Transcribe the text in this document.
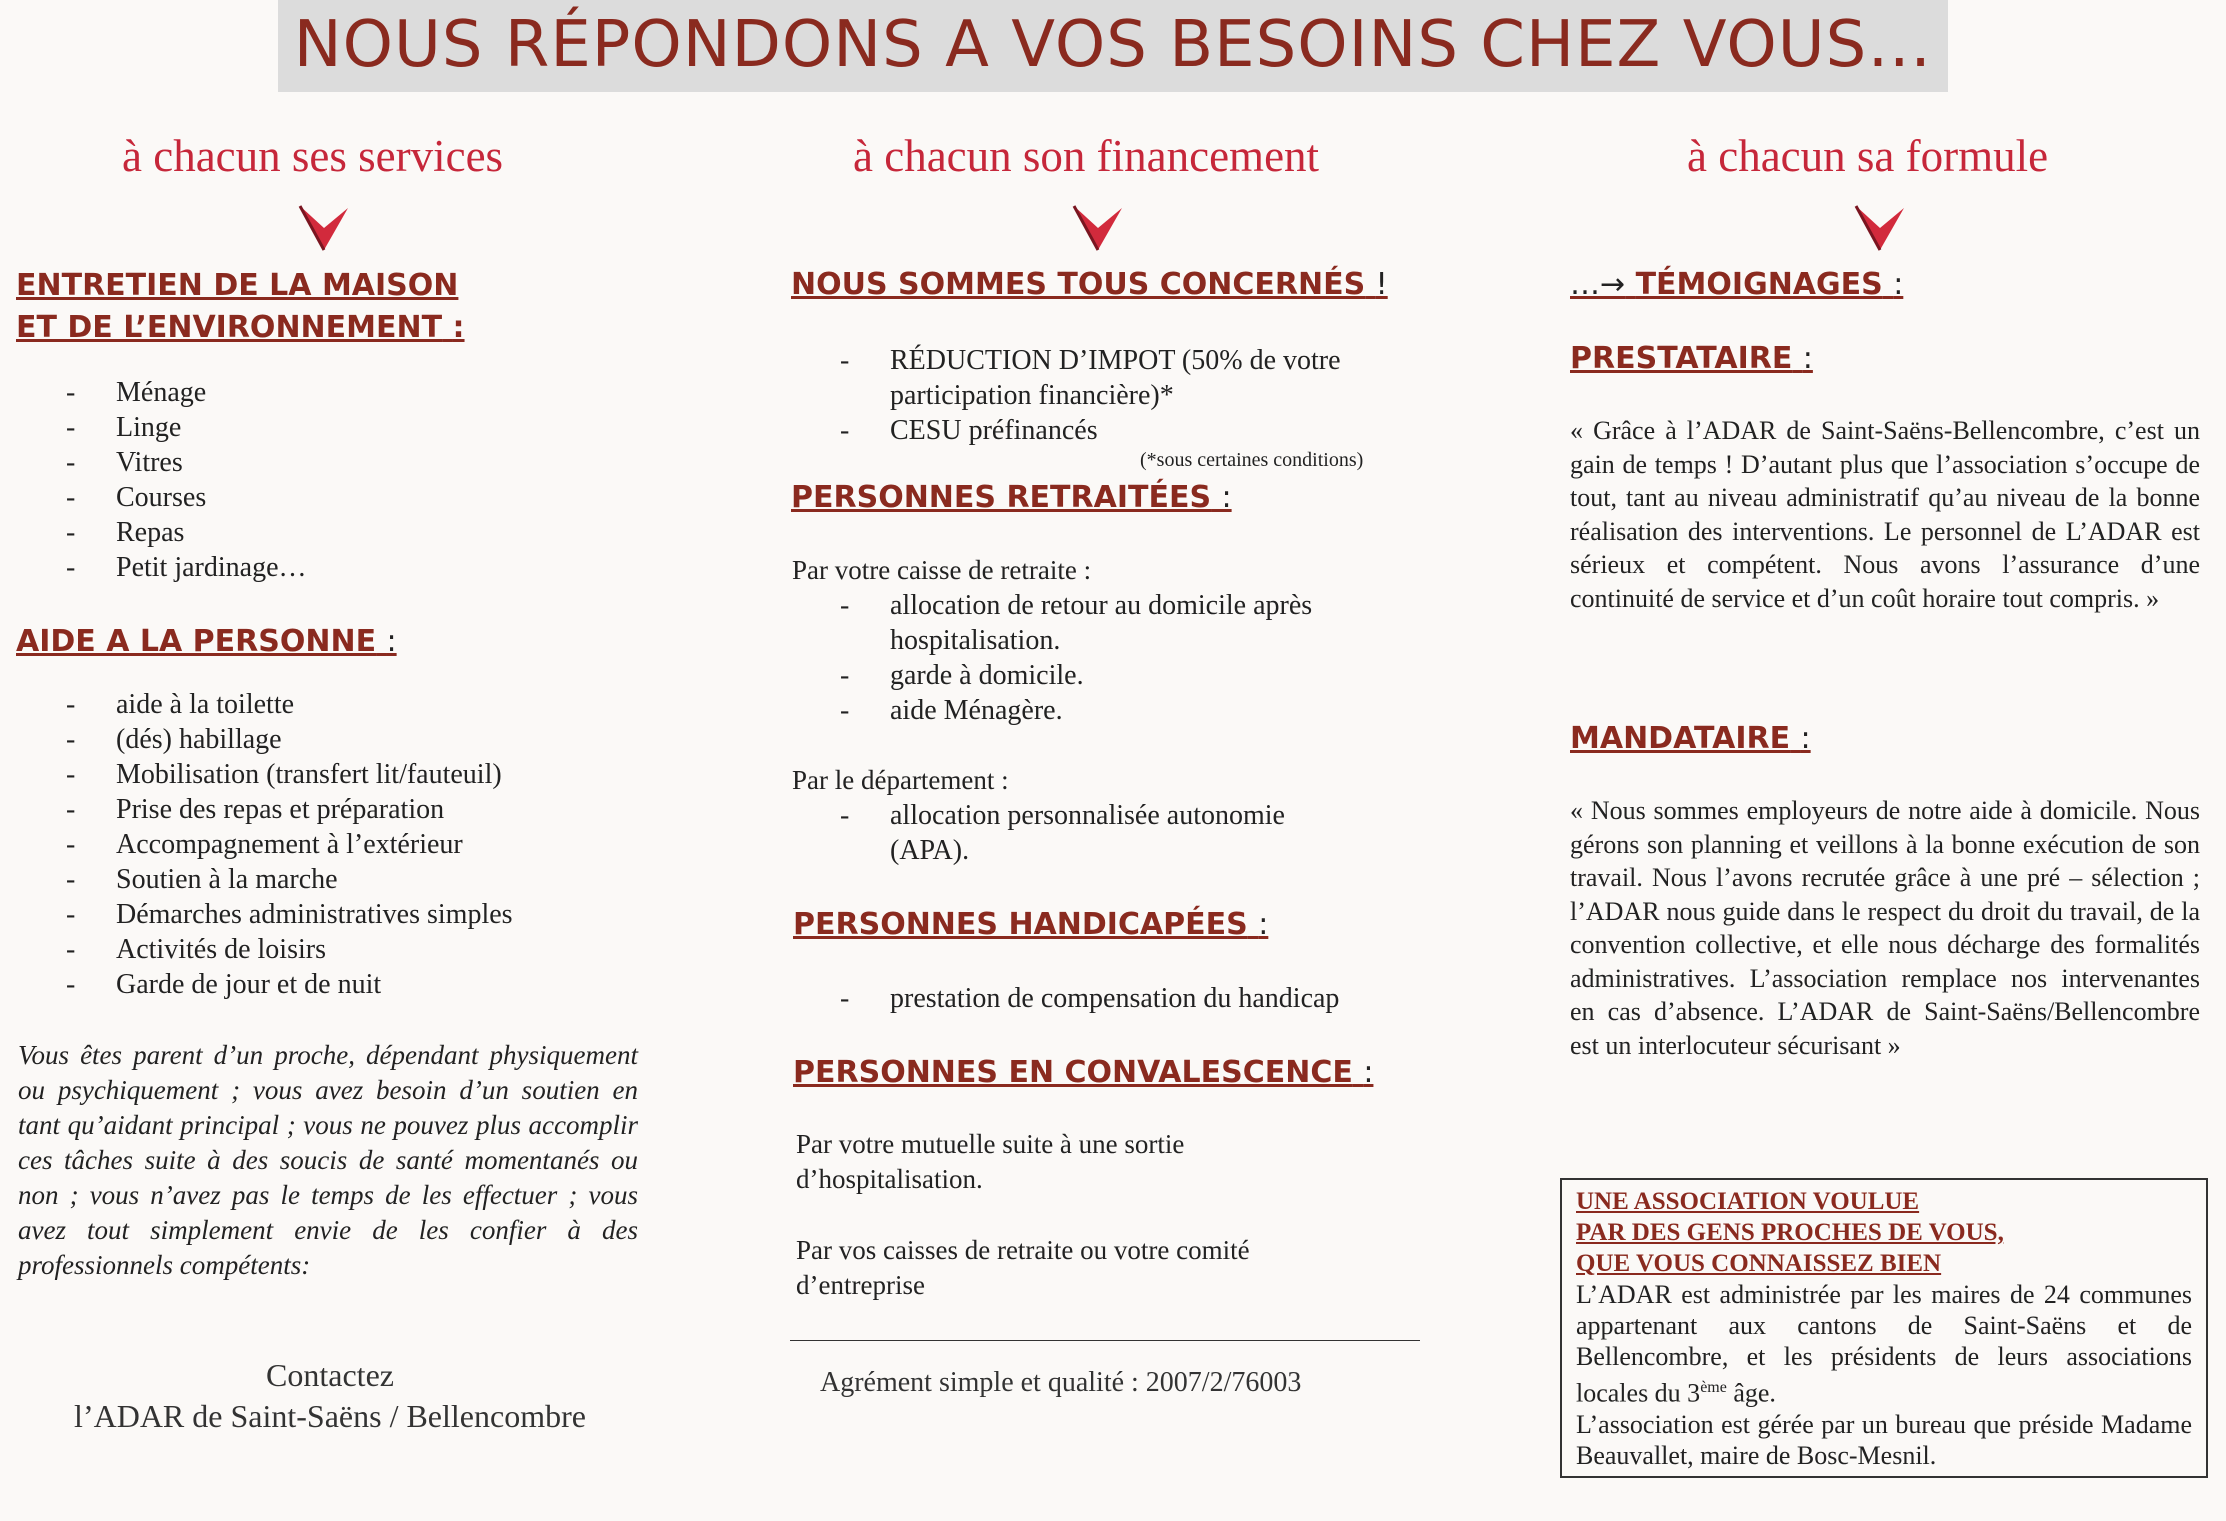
NOUS RÉPONDONS A VOS BESOINS CHEZ VOUS…
à chacun ses services
ENTRETIEN DE LA MAISON
ET DE L’ENVIRONNEMENT :
- Ménage
- Linge
- Vitres
- Courses
- Repas
- Petit jardinage…
AIDE A LA PERSONNE :
- aide à la toilette
- (dés) habillage
- Mobilisation (transfert lit/fauteuil)
- Prise des repas et préparation
- Accompagnement à l’extérieur
- Soutien à la marche
- Démarches administratives simples
- Activités de loisirs
- Garde de jour et de nuit
Vous êtes parent d’un proche, dépendant physiquement ou psychiquement ; vous avez besoin d’un soutien en tant qu’aidant principal ; vous ne pouvez plus accomplir ces tâches suite à des soucis de santé momentanés ou non ; vous n’avez pas le temps de les effectuer ; vous avez tout simplement envie de les confier à des professionnels compétents:
Contactez
l’ADAR de Saint-Saëns / Bellencombre
à chacun son financement
NOUS SOMMES TOUS CONCERNÉS !
- RÉDUCTION D’IMPOT (50% de votre participation financière)*
- CESU préfinancés
(*sous certaines conditions)
PERSONNES RETRAITÉES :
Par votre caisse de retraite :
- allocation de retour au domicile après hospitalisation.
- garde à domicile.
- aide Ménagère.
Par le département :
- allocation personnalisée autonomie (APA).
PERSONNES HANDICAPÉES :
- prestation de compensation du handicap
PERSONNES EN CONVALESCENCE :
Par votre mutuelle suite à une sortie d’hospitalisation.
Par vos caisses de retraite ou votre comité d’entreprise
Agrément simple et qualité : 2007/2/76003
à chacun sa formule
…→ TÉMOIGNAGES :
PRESTATAIRE :
« Grâce à l’ADAR de Saint-Saëns-Bellencombre, c’est un gain de temps ! D’autant plus que l’association s’occupe de tout, tant au niveau administratif qu’au niveau de la bonne réalisation des interventions. Le personnel de L’ADAR est sérieux et compétent. Nous avons l’assurance d’une continuité de service et d’un coût horaire tout compris. »
MANDATAIRE :
« Nous sommes employeurs de notre aide à domicile. Nous gérons son planning et veillons à la bonne exécution de son travail. Nous l’avons recrutée grâce à une pré – sélection ; l’ADAR nous guide dans le respect du droit du travail, de la convention collective, et elle nous décharge des formalités administratives. L’association remplace nos intervenantes en cas d’absence. L’ADAR de Saint-Saëns/Bellencombre est un interlocuteur sécurisant »
UNE ASSOCIATION VOULUE
PAR DES GENS PROCHES DE VOUS,
QUE VOUS CONNAISSEZ BIEN
L’ADAR est administrée par les maires de 24 communes appartenant aux cantons de Saint-Saëns et de Bellencombre, et les présidents de leurs associations locales du 3ème âge.
L’association est gérée par un bureau que préside Madame Beauvallet, maire de Bosc-Mesnil.
